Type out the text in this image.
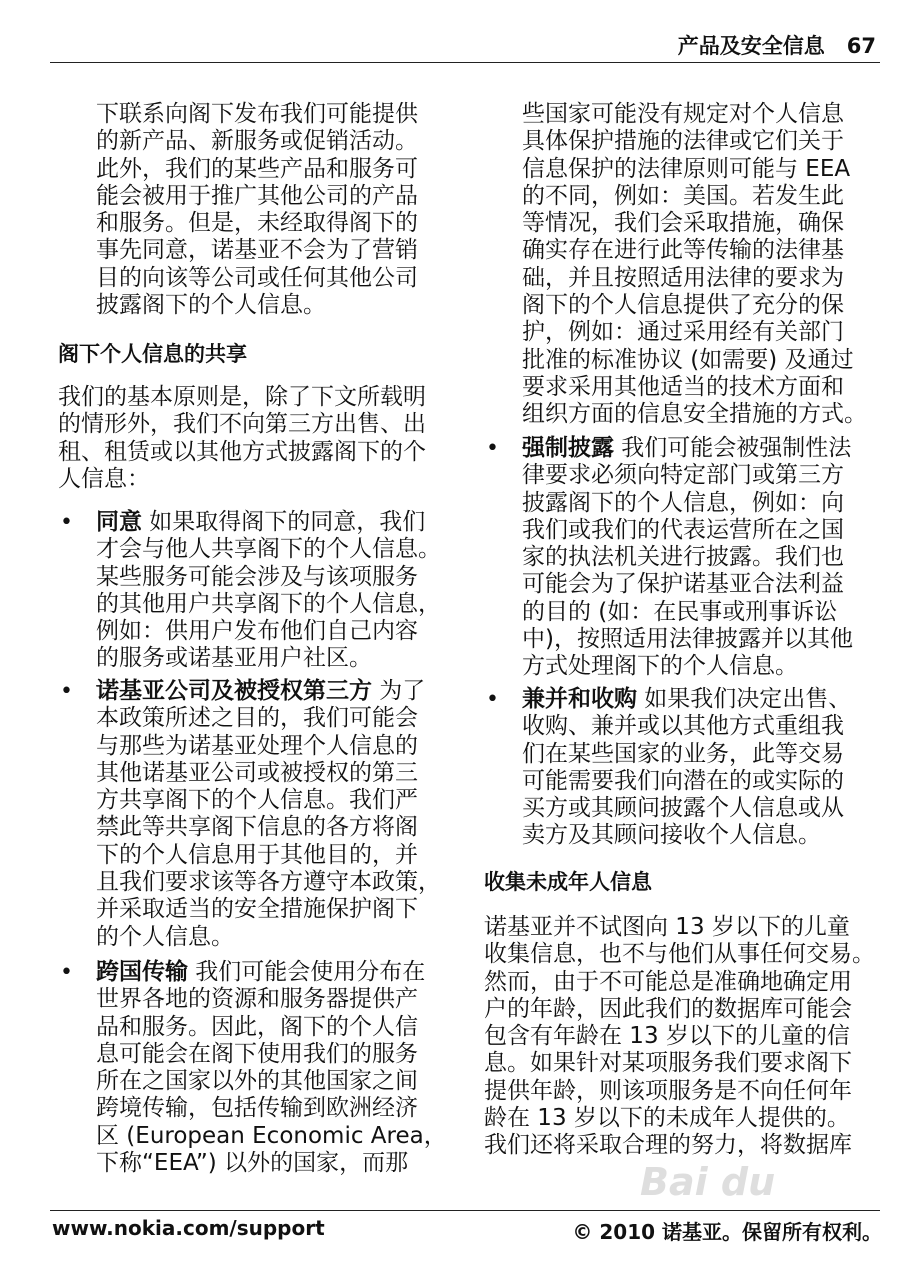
产品及安全信息 67
下联系向阁下发布我们可能提供
的新产品、新服务或促销活动。
此外，我们的某些产品和服务可
能会被用于推广其他公司的产品
和服务。但是，未经取得阁下的
事先同意，诺基亚不会为了营销
目的向该等公司或任何其他公司
披露阁下的个人信息。
阁下个人信息的共享
我们的基本原则是，除了下文所载明
的情形外，我们不向第三方出售、出
租、租赁或以其他方式披露阁下的个
人信息：
• 同意 如果取得阁下的同意，我们
才会与他人共享阁下的个人信息。
某些服务可能会涉及与该项服务
的其他用户共享阁下的个人信息，
例如：供用户发布他们自己内容
的服务或诺基亚用户社区。
• 诺基亚公司及被授权第三方 为了
本政策所述之目的，我们可能会
与那些为诺基亚处理个人信息的
其他诺基亚公司或被授权的第三
方共享阁下的个人信息。我们严
禁此等共享阁下信息的各方将阁
下的个人信息用于其他目的，并
且我们要求该等各方遵守本政策，
并采取适当的安全措施保护阁下
的个人信息。
• 跨国传输 我们可能会使用分布在
世界各地的资源和服务器提供产
品和服务。因此，阁下的个人信
息可能会在阁下使用我们的服务
所在之国家以外的其他国家之间
跨境传输，包括传输到欧洲经济
区 (European Economic Area，
下称“EEA”) 以外的国家，而那
些国家可能没有规定对个人信息
具体保护措施的法律或它们关于
信息保护的法律原则可能与 EEA
的不同，例如：美国。若发生此
等情况，我们会采取措施，确保
确实存在进行此等传输的法律基
础，并且按照适用法律的要求为
阁下的个人信息提供了充分的保
护，例如：通过采用经有关部门
批准的标准协议 (如需要) 及通过
要求采用其他适当的技术方面和
组织方面的信息安全措施的方式。
• 强制披露 我们可能会被强制性法
律要求必须向特定部门或第三方
披露阁下的个人信息，例如：向
我们或我们的代表运营所在之国
家的执法机关进行披露。我们也
可能会为了保护诺基亚合法利益
的目的 (如：在民事或刑事诉讼
中)，按照适用法律披露并以其他
方式处理阁下的个人信息。
• 兼并和收购 如果我们决定出售、
收购、兼并或以其他方式重组我
们在某些国家的业务，此等交易
可能需要我们向潜在的或实际的
买方或其顾问披露个人信息或从
卖方及其顾问接收个人信息。
收集未成年人信息
诺基亚并不试图向 13 岁以下的儿童
收集信息，也不与他们从事任何交易。
然而，由于不可能总是准确地确定用
户的年龄，因此我们的数据库可能会
包含有年龄在 13 岁以下的儿童的信
息。如果针对某项服务我们要求阁下
提供年龄，则该项服务是不向任何年
龄在 13 岁以下的未成年人提供的。
我们还将采取合理的努力，将数据库
Bai du
www.nokia.com/support	© 2010 诺基亚。保留所有权利。
